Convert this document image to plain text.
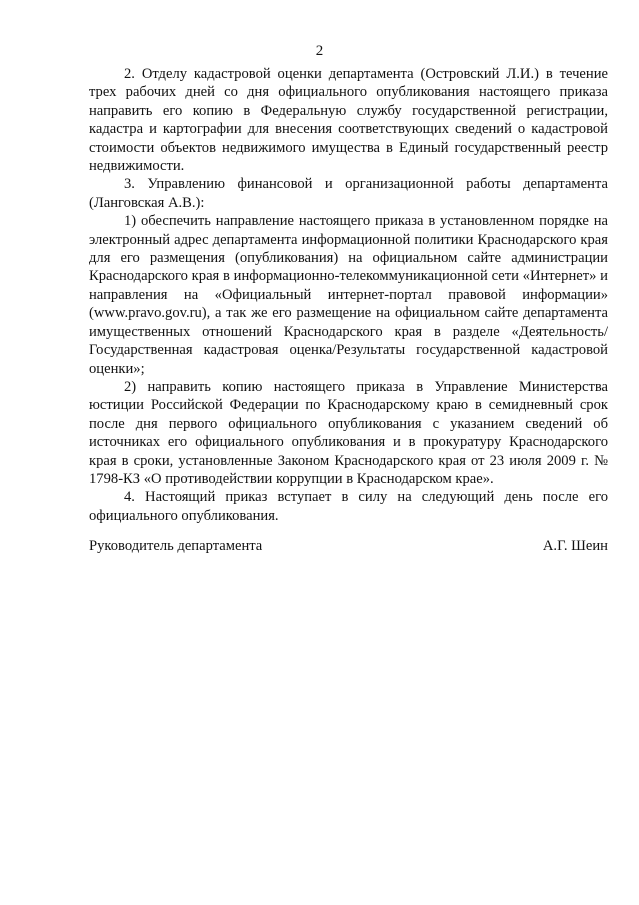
2

2. Отделу кадастровой оценки департамента (Островский Л.И.) в течение трех рабочих дней со дня официального опубликования настоящего приказа направить его копию в Федеральную службу государственной регистрации, кадастра и картографии для внесения соответствующих сведений о кадастровой стоимости объектов недвижимого имущества в Единый государственный реестр недвижимости.

3. Управлению финансовой и организационной работы департамента (Ланговская А.В.):

1) обеспечить направление настоящего приказа в установленном порядке на электронный адрес департамента информационной политики Краснодарского края для его размещения (опубликования) на официальном сайте администрации Краснодарского края в информационно-телекоммуникационной сети «Интернет» и направления на «Официальный интернет-портал правовой информации» (www.pravo.gov.ru), а так же его размещение на официальном сайте департамента имущественных отношений Краснодарского края в разделе «Деятельность/Государственная кадастровая оценка/Результаты государственной кадастровой оценки»;

2) направить копию настоящего приказа в Управление Министерства юстиции Российской Федерации по Краснодарскому краю в семидневный срок после дня первого официального опубликования с указанием сведений об источниках его официального опубликования и в прокуратуру Краснодарского края в сроки, установленные Законом Краснодарского края от 23 июля 2009 г. № 1798-КЗ «О противодействии коррупции в Краснодарском крае».

4. Настоящий приказ вступает в силу на следующий день после его официального опубликования.

Руководитель департамента	А.Г. Шеин
